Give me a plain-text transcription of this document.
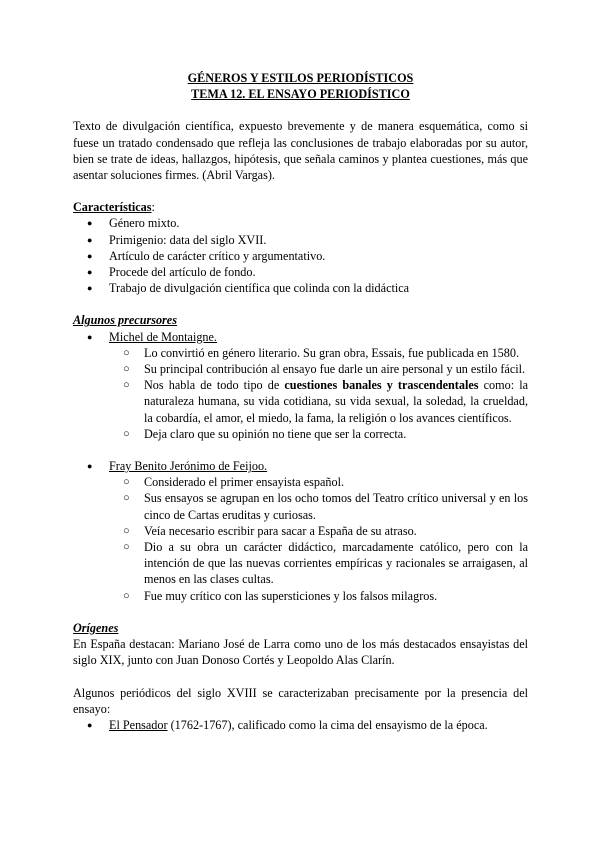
GÉNEROS Y ESTILOS PERIODÍSTICOS

TEMA 12. EL ENSAYO PERIODÍSTICO

Texto de divulgación científica, expuesto brevemente y de manera esquemática, como si fuese un tratado condensado que refleja las conclusiones de trabajo elaboradas por su autor, bien se trate de ideas, hallazgos, hipótesis, que señala caminos y plantea cuestiones, más que asentar soluciones firmes. (Abril Vargas).

Características:

● Género mixto.
● Primigenio: data del siglo XVII.
● Artículo de carácter crítico y argumentativo.
● Procede del artículo de fondo.
● Trabajo de divulgación científica que colinda con la didáctica

Algunos precursores

● Michel de Montaigne.
○ Lo convirtió en género literario. Su gran obra, Essais, fue publicada en 1580.
○ Su principal contribución al ensayo fue darle un aire personal y un estilo fácil.
○ Nos habla de todo tipo de cuestiones banales y trascendentales como: la naturaleza humana, su vida cotidiana, su vida sexual, la soledad, la crueldad, la cobardía, el amor, el miedo, la fama, la religión o los avances científicos.
○ Deja claro que su opinión no tiene que ser la correcta.
● Fray Benito Jerónimo de Feijoo.
○ Considerado el primer ensayista español.
○ Sus ensayos se agrupan en los ocho tomos del Teatro crítico universal y en los cinco de Cartas eruditas y curiosas.
○ Veía necesario escribir para sacar a España de su atraso.
○ Dio a su obra un carácter didáctico, marcadamente católico, pero con la intención de que las nuevas corrientes empíricas y racionales se arraigasen, al menos en las clases cultas.
○ Fue muy crítico con las supersticiones y los falsos milagros.

Orígenes

En España destacan: Mariano José de Larra como uno de los más destacados ensayistas del siglo XIX, junto con Juan Donoso Cortés y Leopoldo Alas Clarín.

Algunos periódicos del siglo XVIII se caracterizaban precisamente por la presencia del ensayo:

● El Pensador (1762-1767), calificado como la cima del ensayismo de la época.
